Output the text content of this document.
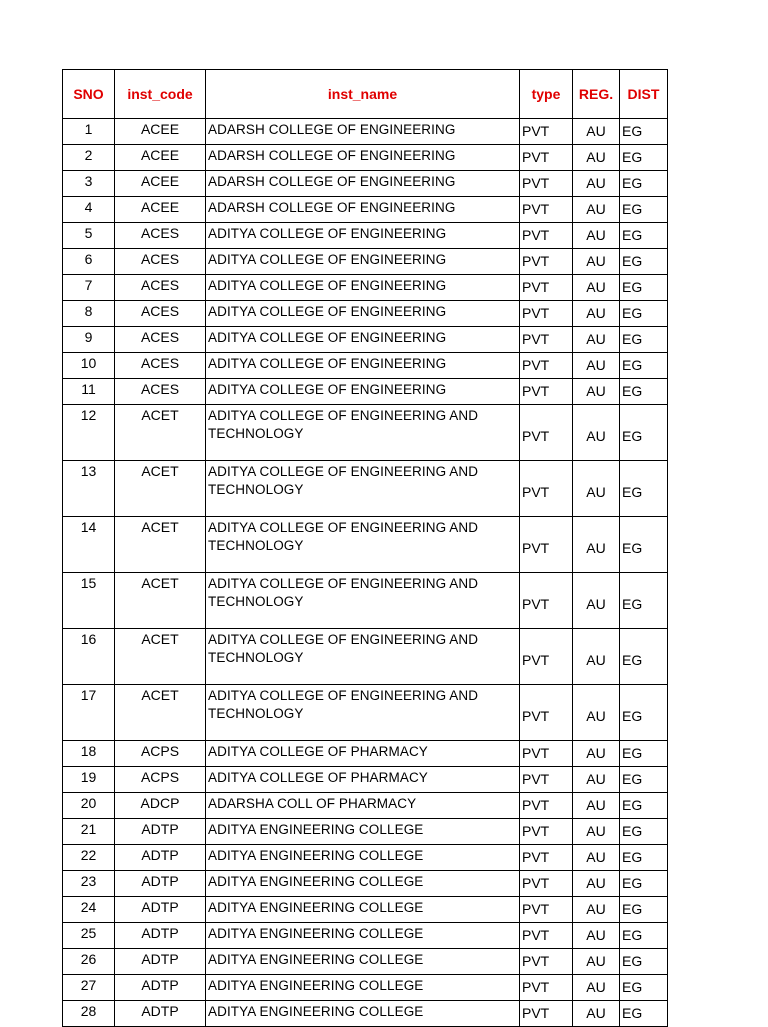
SNO	inst_code	inst_name	type	REG.	DIST
1	ACEE	ADARSH COLLEGE OF ENGINEERING	PVT	AU	EG
2	ACEE	ADARSH COLLEGE OF ENGINEERING	PVT	AU	EG
3	ACEE	ADARSH COLLEGE OF ENGINEERING	PVT	AU	EG
4	ACEE	ADARSH COLLEGE OF ENGINEERING	PVT	AU	EG
5	ACES	ADITYA COLLEGE OF ENGINEERING	PVT	AU	EG
6	ACES	ADITYA COLLEGE OF ENGINEERING	PVT	AU	EG
7	ACES	ADITYA COLLEGE OF ENGINEERING	PVT	AU	EG
8	ACES	ADITYA COLLEGE OF ENGINEERING	PVT	AU	EG
9	ACES	ADITYA COLLEGE OF ENGINEERING	PVT	AU	EG
10	ACES	ADITYA COLLEGE OF ENGINEERING	PVT	AU	EG
11	ACES	ADITYA COLLEGE OF ENGINEERING	PVT	AU	EG
12	ACET	ADITYA COLLEGE OF ENGINEERING AND TECHNOLOGY	PVT	AU	EG
13	ACET	ADITYA COLLEGE OF ENGINEERING AND TECHNOLOGY	PVT	AU	EG
14	ACET	ADITYA COLLEGE OF ENGINEERING AND TECHNOLOGY	PVT	AU	EG
15	ACET	ADITYA COLLEGE OF ENGINEERING AND TECHNOLOGY	PVT	AU	EG
16	ACET	ADITYA COLLEGE OF ENGINEERING AND TECHNOLOGY	PVT	AU	EG
17	ACET	ADITYA COLLEGE OF ENGINEERING AND TECHNOLOGY	PVT	AU	EG
18	ACPS	ADITYA COLLEGE OF PHARMACY	PVT	AU	EG
19	ACPS	ADITYA COLLEGE OF PHARMACY	PVT	AU	EG
20	ADCP	ADARSHA COLL OF PHARMACY	PVT	AU	EG
21	ADTP	ADITYA ENGINEERING COLLEGE	PVT	AU	EG
22	ADTP	ADITYA ENGINEERING COLLEGE	PVT	AU	EG
23	ADTP	ADITYA ENGINEERING COLLEGE	PVT	AU	EG
24	ADTP	ADITYA ENGINEERING COLLEGE	PVT	AU	EG
25	ADTP	ADITYA ENGINEERING COLLEGE	PVT	AU	EG
26	ADTP	ADITYA ENGINEERING COLLEGE	PVT	AU	EG
27	ADTP	ADITYA ENGINEERING COLLEGE	PVT	AU	EG
28	ADTP	ADITYA ENGINEERING COLLEGE	PVT	AU	EG
